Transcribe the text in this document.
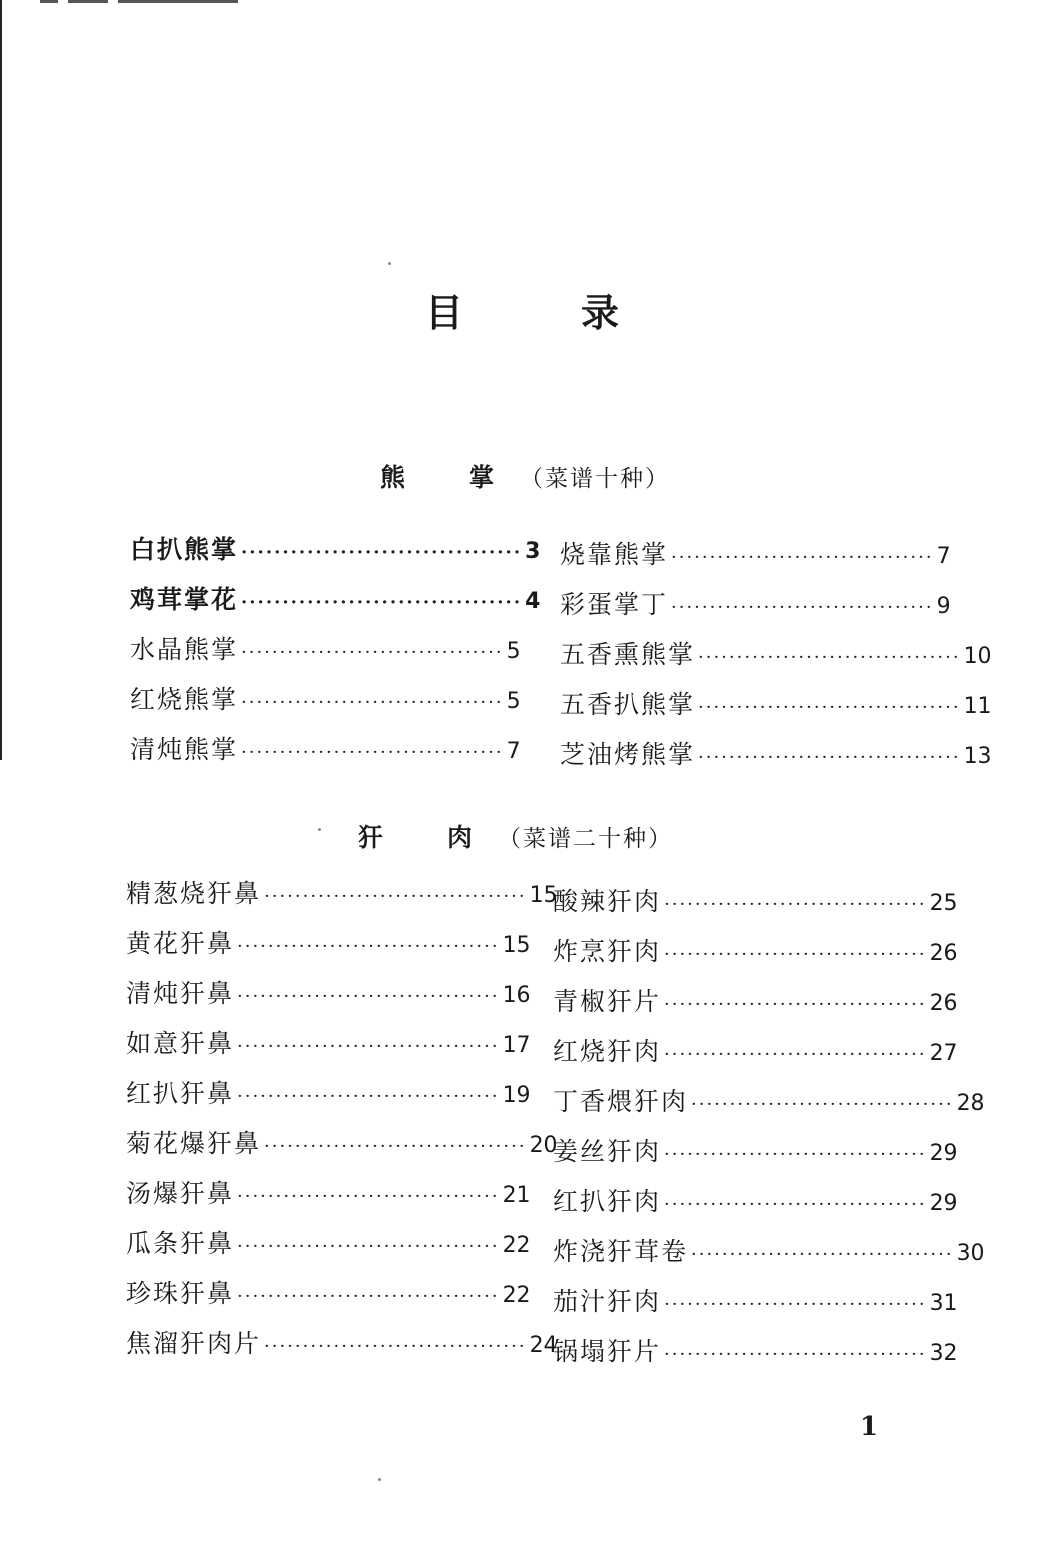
目	录
熊	掌 （菜谱十种）
白扒熊掌 ·································· 3
鸡茸掌花 ·································· 4
水晶熊掌 ·································· 5
红烧熊掌 ·································· 5
清炖熊掌 ·································· 7
烧靠熊掌 ·································· 7
彩蛋掌丁 ·································· 9
五香熏熊掌 ·································· 10
五香扒熊掌 ·································· 11
芝油烤熊掌 ·································· 13
犴	肉 （菜谱二十种）
精葱烧犴鼻 ·································· 15
黄花犴鼻 ·································· 15
清炖犴鼻 ·································· 16
如意犴鼻 ·································· 17
红扒犴鼻 ·································· 19
菊花爆犴鼻 ·································· 20
汤爆犴鼻 ·································· 21
瓜条犴鼻 ·································· 22
珍珠犴鼻 ·································· 22
焦溜犴肉片 ·································· 24
酸辣犴肉 ·································· 25
炸烹犴肉 ·································· 26
青椒犴片 ·································· 26
红烧犴肉 ·································· 27
丁香煨犴肉 ·································· 28
姜丝犴肉 ·································· 29
红扒犴肉 ·································· 29
炸浇犴茸卷 ·································· 30
茄汁犴肉 ·································· 31
锅塌犴片 ·································· 32
1
